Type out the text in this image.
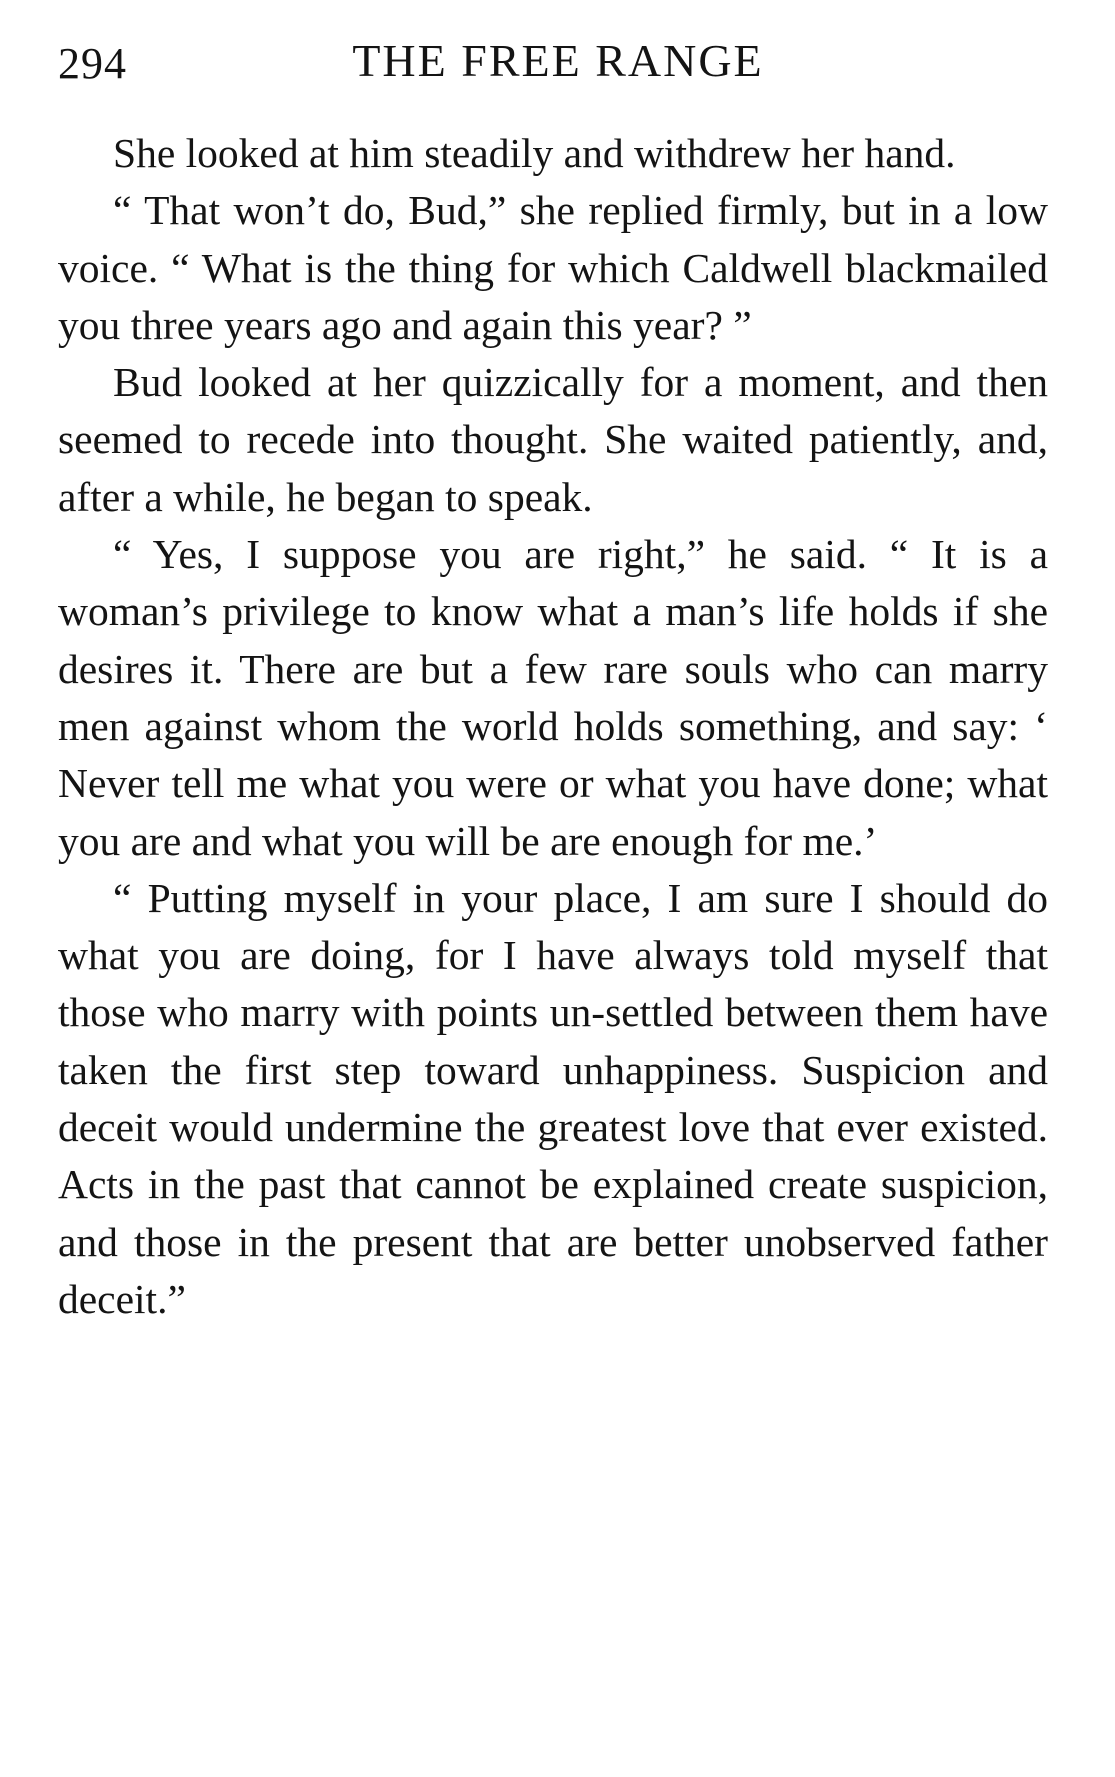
294	THE FREE RANGE

She looked at him steadily and withdrew her hand.

“ That won’t do, Bud,” she replied firmly, but in a low voice. “ What is the thing for which Caldwell blackmailed you three years ago and again this year? ”

Bud looked at her quizzically for a moment, and then seemed to recede into thought. She waited patiently, and, after a while, he began to speak.

“ Yes, I suppose you are right,” he said. “ It is a woman’s privilege to know what a man’s life holds if she desires it. There are but a few rare souls who can marry men against whom the world holds something, and say: ‘ Never tell me what you were or what you have done; what you are and what you will be are enough for me.’

“ Putting myself in your place, I am sure I should do what you are doing, for I have always told myself that those who marry with points un-settled between them have taken the first step toward unhappiness. Suspicion and deceit would undermine the greatest love that ever existed. Acts in the past that cannot be explained create suspicion, and those in the present that are better unobserved father deceit.”
